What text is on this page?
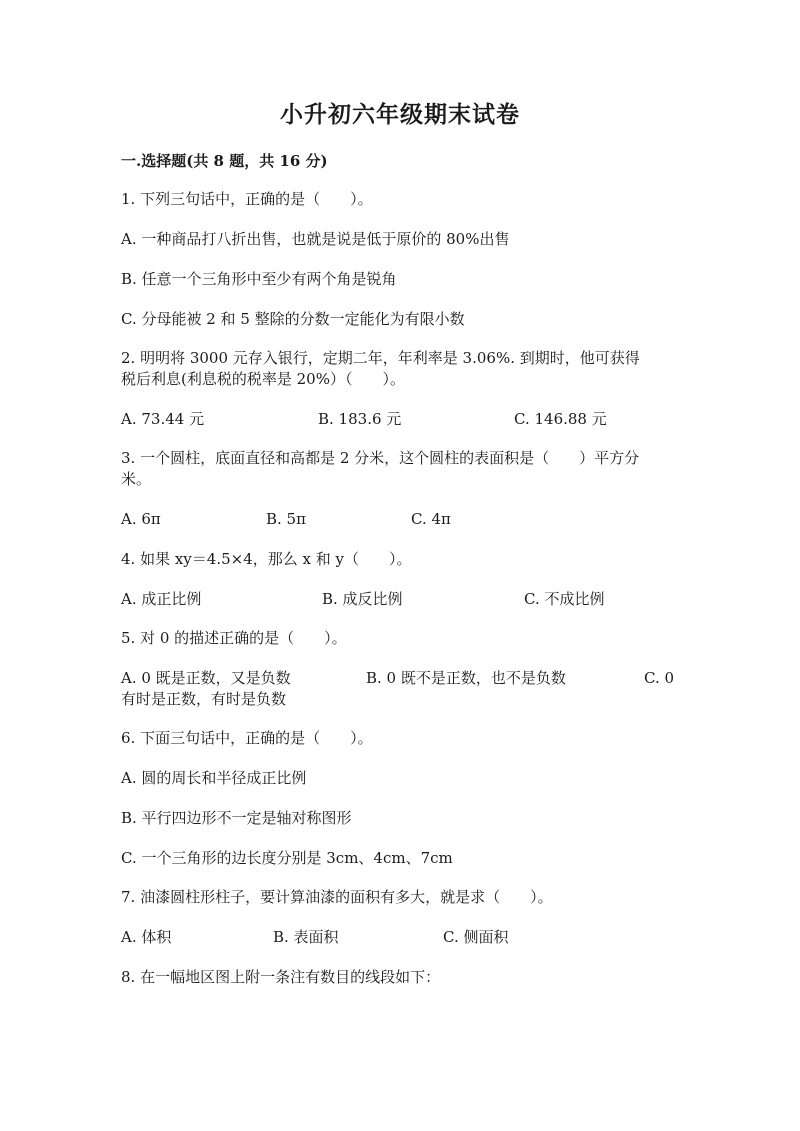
小升初六年级期末试卷
一.选择题(共 8 题，共 16 分)
1. 下列三句话中，正确的是（　　）。
A. 一种商品打八折出售，也就是说是低于原价的 80%出售
B. 任意一个三角形中至少有两个角是锐角
C. 分母能被 2 和 5 整除的分数一定能化为有限小数
2. 明明将 3000 元存入银行，定期二年，年利率是 3.06%. 到期时，他可获得
税后利息(利息税的税率是 20%）（　　）。
A. 73.44 元	B. 183.6 元	C. 146.88 元
3. 一个圆柱，底面直径和高都是 2 分米，这个圆柱的表面积是（　　）平方分
米。
A. 6π	B. 5π	C. 4π
4. 如果 xy＝4.5×4，那么 x 和 y（　　）。
A. 成正比例	B. 成反比例	C. 不成比例
5. 对 0 的描述正确的是（　　）。
A. 0 既是正数，又是负数	B. 0 既不是正数，也不是负数	C. 0
有时是正数，有时是负数
6. 下面三句话中，正确的是（　　）。
A. 圆的周长和半径成正比例
B. 平行四边形不一定是轴对称图形
C. 一个三角形的边长度分别是 3cm、4cm、7cm
7. 油漆圆柱形柱子，要计算油漆的面积有多大，就是求（　　）。
A. 体积	B. 表面积	C. 侧面积
8. 在一幅地区图上附一条注有数目的线段如下：
